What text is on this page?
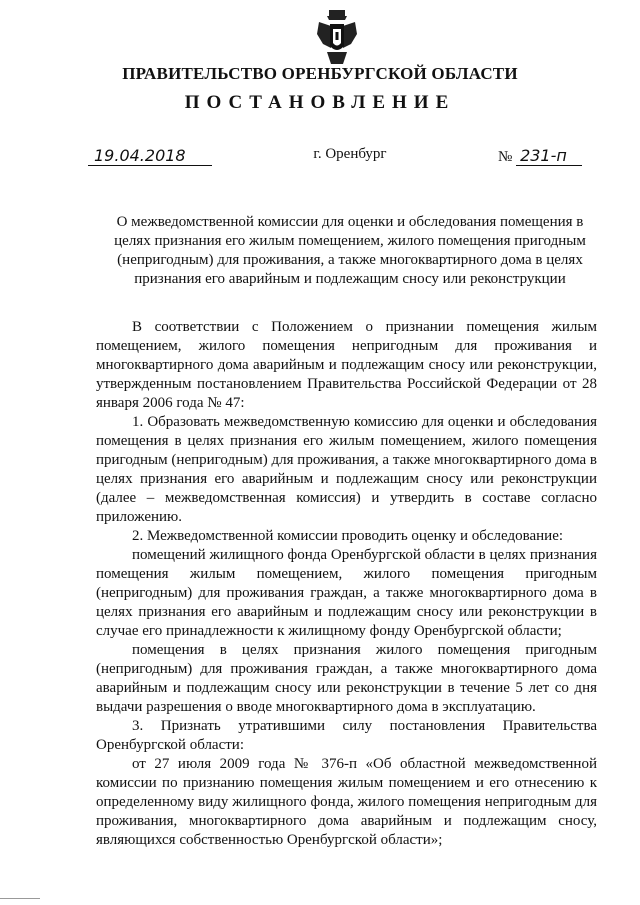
ПРАВИТЕЛЬСТВО ОРЕНБУРГСКОЙ ОБЛАСТИ
ПОСТАНОВЛЕНИЕ
19.04.2018	г. Оренбург	№ 231-п
О межведомственной комиссии для оценки и обследования помещения в целях признания его жилым помещением, жилого помещения пригодным (непригодным) для проживания, а также многоквартирного дома в целях признания его аварийным и подлежащим сносу или реконструкции

В соответствии с Положением о признании помещения жилым помещением, жилого помещения непригодным для проживания и многоквартирного дома аварийным и подлежащим сносу или реконструкции, утвержденным постановлением Правительства Российской Федерации от 28 января 2006 года № 47:

1. Образовать межведомственную комиссию для оценки и обследования помещения в целях признания его жилым помещением, жилого помещения пригодным (непригодным) для проживания, а также многоквартирного дома в целях признания его аварийным и подлежащим сносу или реконструкции (далее – межведомственная комиссия) и утвердить в составе согласно приложению.

2. Межведомственной комиссии проводить оценку и обследование:

помещений жилищного фонда Оренбургской области в целях признания помещения жилым помещением, жилого помещения пригодным (непригодным) для проживания граждан, а также многоквартирного дома в целях признания его аварийным и подлежащим сносу или реконструкции в случае его принадлежности к жилищному фонду Оренбургской области;

помещения в целях признания жилого помещения пригодным (непригодным) для проживания граждан, а также многоквартирного дома аварийным и подлежащим сносу или реконструкции в течение 5 лет со дня выдачи разрешения о вводе многоквартирного дома в эксплуатацию.

3. Признать утратившими силу постановления Правительства Оренбургской области:

от 27 июля 2009 года № 376-п «Об областной межведомственной комиссии по признанию помещения жилым помещением и его отнесению к определенному виду жилищного фонда, жилого помещения непригодным для проживания, многоквартирного дома аварийным и подлежащим сносу, являющихся собственностью Оренбургской области»;
